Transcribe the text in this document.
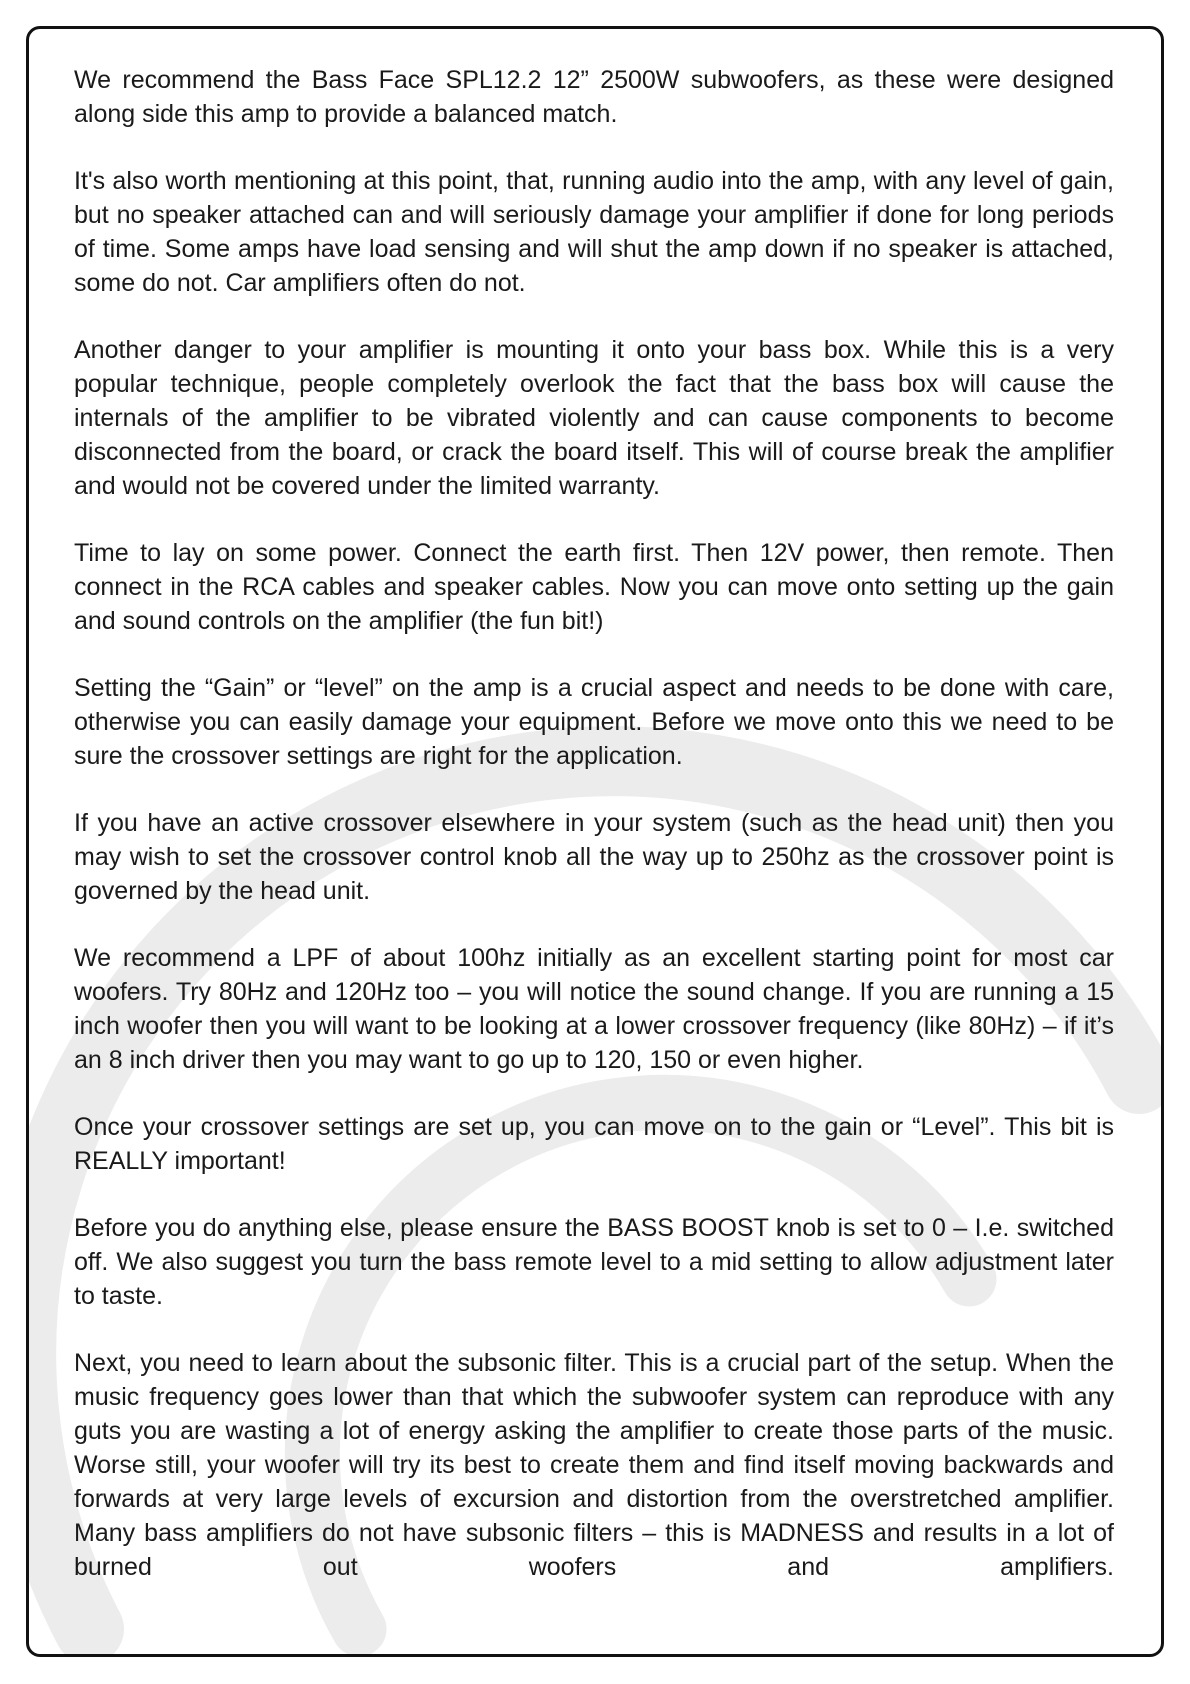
We recommend the Bass Face SPL12.2 12” 2500W subwoofers, as these were designed along side this amp to provide a balanced match.

It's also worth mentioning at this point, that, running audio into the amp, with any level of gain, but no speaker attached can and will seriously damage your amplifier if done for long periods of time. Some amps have load sensing and will shut the amp down if no speaker is attached, some do not. Car amplifiers often do not.

Another danger to your amplifier is mounting it onto your bass box. While this is a very popular technique, people completely overlook the fact that the bass box will cause the internals of the amplifier to be vibrated violently and can cause components to become disconnected from the board, or crack the board itself. This will of course break the amplifier and would not be covered under the limited warranty.

Time to lay on some power. Connect the earth first. Then 12V power, then remote. Then connect in the RCA cables and speaker cables. Now you can move onto setting up the gain and sound controls on the amplifier (the fun bit!)

Setting the “Gain” or “level” on the amp is a crucial aspect and needs to be done with care, otherwise you can easily damage your equipment. Before we move onto this we need to be sure the crossover settings are right for the application.

If you have an active crossover elsewhere in your system (such as the head unit) then you may wish to set the crossover control knob all the way up to 250hz as the crossover point is governed by the head unit.

We recommend a LPF of about 100hz initially as an excellent starting point for most car woofers. Try 80Hz and 120Hz too – you will notice the sound change. If you are running a 15 inch woofer then you will want to be looking at a lower crossover frequency (like 80Hz) – if it’s an 8 inch driver then you may want to go up to 120, 150 or even higher.

Once your crossover settings are set up, you can move on to the gain or “Level”. This bit is REALLY important!

Before you do anything else, please ensure the BASS BOOST knob is set to 0 – I.e. switched off. We also suggest you turn the bass remote level to a mid setting to allow adjustment later to taste.

Next, you need to learn about the subsonic filter. This is a crucial part of the setup. When the music frequency goes lower than that which the subwoofer system can reproduce with any guts you are wasting a lot of energy asking the amplifier to create those parts of the music. Worse still, your woofer will try its best to create them and find itself moving backwards and forwards at very large levels of excursion and distortion from the overstretched amplifier. Many bass amplifiers do not have subsonic filters – this is MADNESS and results in a lot of burned out woofers and amplifiers.
